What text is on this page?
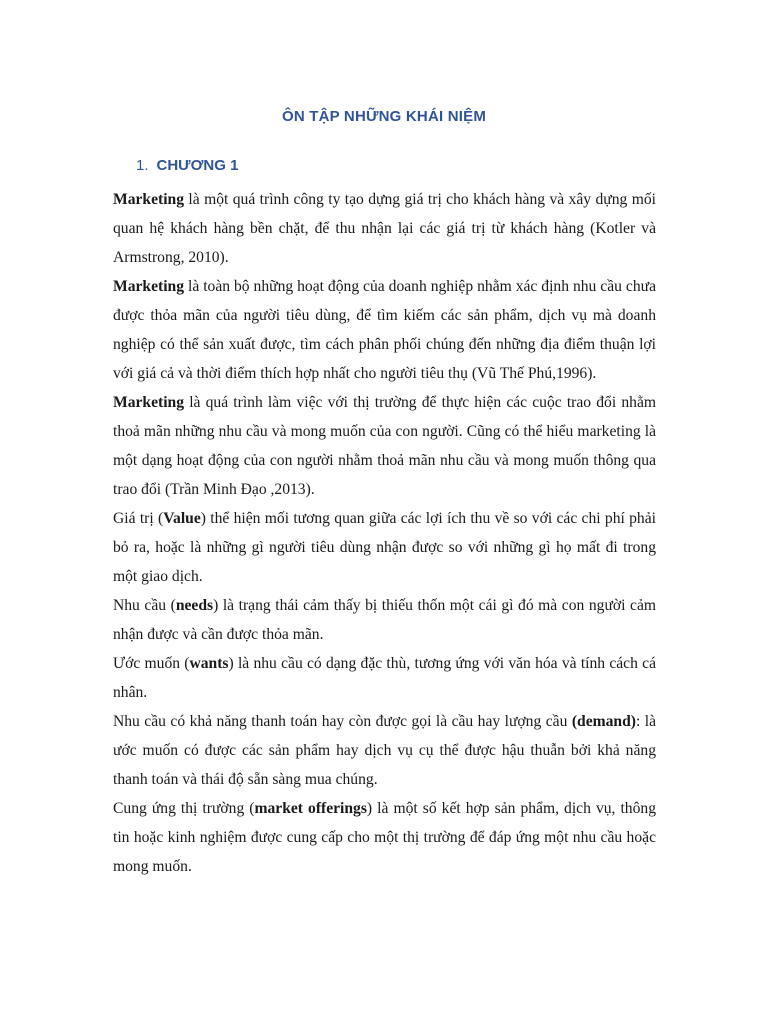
ÔN TẬP NHỮNG KHÁI NIỆM
1. CHƯƠNG 1

Marketing là một quá trình công ty tạo dựng giá trị cho khách hàng và xây dựng mối quan hệ khách hàng bền chặt, để thu nhận lại các giá trị từ khách hàng (Kotler và Armstrong, 2010).

Marketing là toàn bộ những hoạt động của doanh nghiệp nhằm xác định nhu cầu chưa được thỏa mãn của người tiêu dùng, để tìm kiếm các sản phẩm, dịch vụ mà doanh nghiệp có thể sản xuất được, tìm cách phân phối chúng đến những địa điểm thuận lợi với giá cả và thời điểm thích hợp nhất cho người tiêu thụ (Vũ Thế Phú,1996).

Marketing là quá trình làm việc với thị trường để thực hiện các cuộc trao đổi nhằm thoả mãn những nhu cầu và mong muốn của con người. Cũng có thể hiểu marketing là một dạng hoạt động của con người nhằm thoả mãn nhu cầu và mong muốn thông qua trao đổi (Trần Minh Đạo ,2013).

Giá trị (Value) thể hiện mối tương quan giữa các lợi ích thu về so với các chi phí phải bỏ ra, hoặc là những gì người tiêu dùng nhận được so với những gì họ mất đi trong một giao dịch.

Nhu cầu (needs) là trạng thái cảm thấy bị thiếu thốn một cái gì đó mà con người cảm nhận được và cần được thỏa mãn.

Ước muốn (wants) là nhu cầu có dạng đặc thù, tương ứng với văn hóa và tính cách cá nhân.

Nhu cầu có khả năng thanh toán hay còn được gọi là cầu hay lượng cầu (demand): là ước muốn có được các sản phẩm hay dịch vụ cụ thể được hậu thuẫn bởi khả năng thanh toán và thái độ sẵn sàng mua chúng.

Cung ứng thị trường (market offerings) là một số kết hợp sản phẩm, dịch vụ, thông tin hoặc kinh nghiệm được cung cấp cho một thị trường để đáp ứng một nhu cầu hoặc mong muốn.
